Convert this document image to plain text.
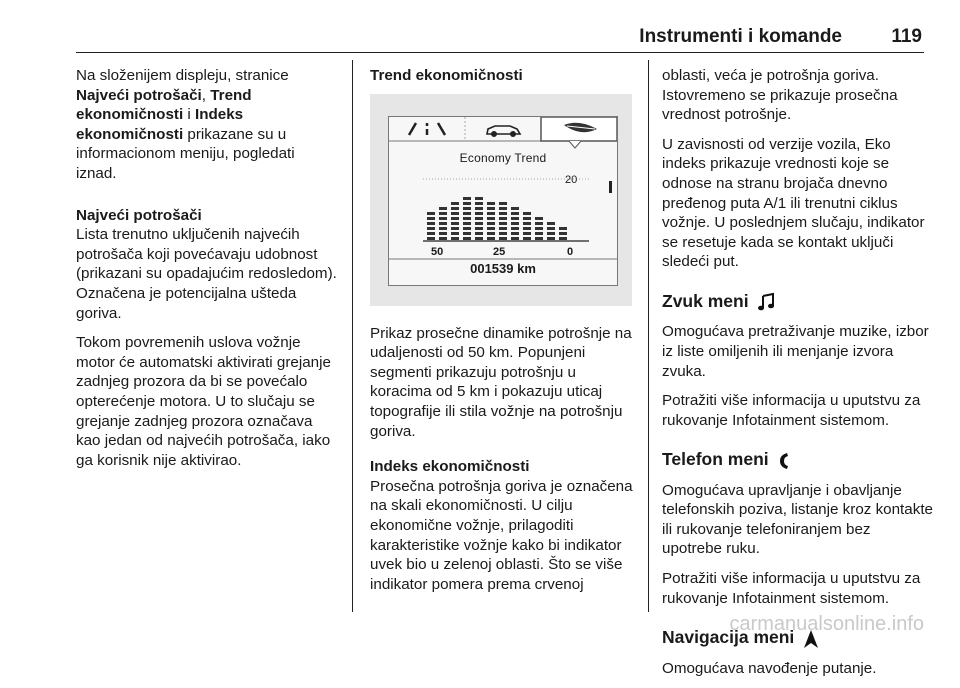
Instrumenti i komande	119

Na složenijem displeju, stranice Najveći potrošači, Trend ekonomičnosti i Indeks ekonomičnosti prikazane su u informacionom meniju, pogledati iznad.

Najveći potrošači

Lista trenutno uključenih najvećih potrošača koji povećavaju udobnost (prikazani su opadajućim redosledom). Označena je potencijalna ušteda goriva.

Tokom povremenih uslova vožnje motor će automatski aktivirati grejanje zadnjeg prozora da bi se povećalo opterećenje motora. U to slučaju se grejanje zadnjeg prozora označava kao jedan od najvećih potrošača, iako ga korisnik nije aktivirao.

Trend ekonomičnosti

Economy Trend
20
50	25	0
001539 km

Prikaz prosečne dinamike potrošnje na udaljenosti od 50 km. Popunjeni segmenti prikazuju potrošnju u koracima od 5 km i pokazuju uticaj topografije ili stila vožnje na potrošnju goriva.

Indeks ekonomičnosti

Prosečna potrošnja goriva je označena na skali ekonomičnosti. U cilju ekonomične vožnje, prilagoditi karakteristike vožnje kako bi indikator uvek bio u zelenoj oblasti. Što se više indikator pomera prema crvenoj

oblasti, veća je potrošnja goriva. Istovremeno se prikazuje prosečna vrednost potrošnje.

U zavisnosti od verzije vozila, Eko indeks prikazuje vrednosti koje se odnose na stranu brojača dnevno pređenog puta A/1 ili trenutni ciklus vožnje. U poslednjem slučaju, indikator se resetuje kada se kontakt uključi sledeći put.

Zvuk meni

Omogućava pretraživanje muzike, izbor iz liste omiljenih ili menjanje izvora zvuka.

Potražiti više informacija u uputstvu za rukovanje Infotainment sistemom.

Telefon meni

Omogućava upravljanje i obavljanje telefonskih poziva, listanje kroz kontakte ili rukovanje telefoniranjem bez upotrebe ruku.

Potražiti više informacija u uputstvu za rukovanje Infotainment sistemom.

Navigacija meni

Omogućava navođenje putanje.

carmanualsonline.info
